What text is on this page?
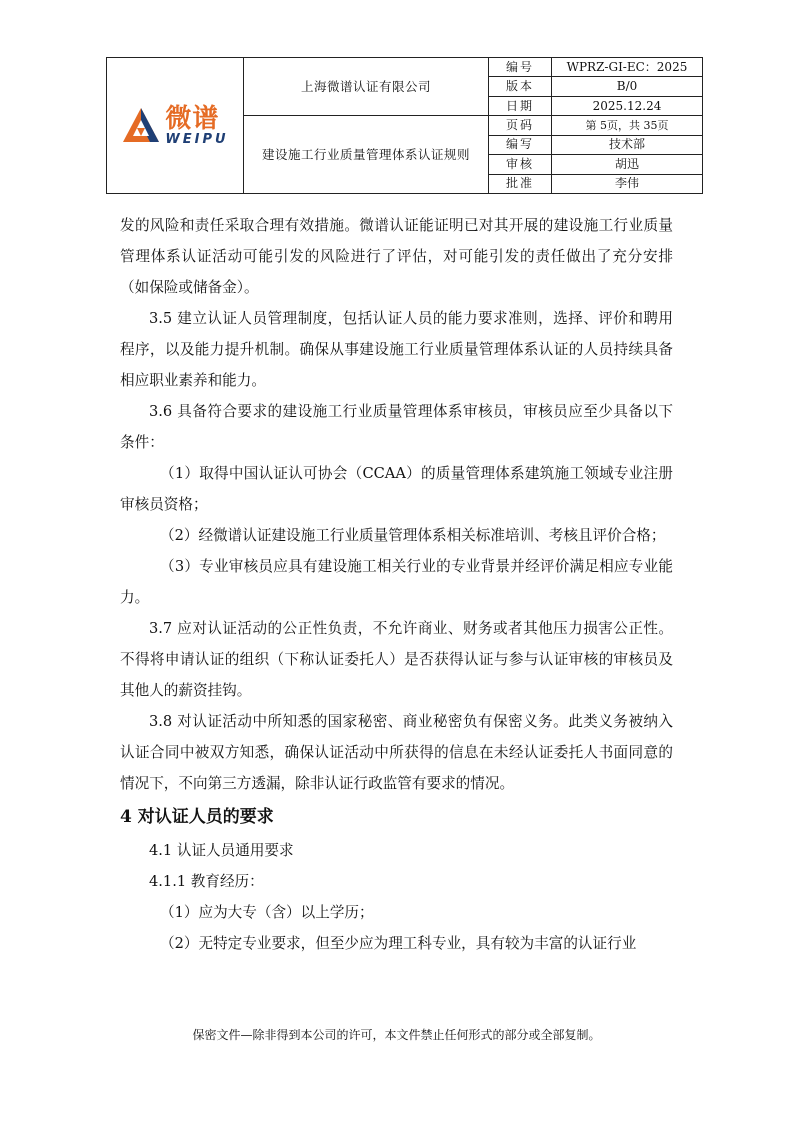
微谱
WEIPU	上海微谱认证有限公司	编号	WPRZ-GI-EC：2025
		版本	B/0
		日期	2025.12.24
	建设施工行业质量管理体系认证规则	页码	第 5页，共 35页
		编写	技术部
		审核	胡迅
		批准	李伟

发的风险和责任采取合理有效措施。微谱认证能证明已对其开展的建设施工行业质量管理体系认证活动可能引发的风险进行了评估，对可能引发的责任做出了充分安排（如保险或储备金）。

3.5 建立认证人员管理制度，包括认证人员的能力要求准则，选择、评价和聘用程序，以及能力提升机制。确保从事建设施工行业质量管理体系认证的人员持续具备相应职业素养和能力。

3.6 具备符合要求的建设施工行业质量管理体系审核员，审核员应至少具备以下条件：

（1）取得中国认证认可协会（CCAA）的质量管理体系建筑施工领域专业注册审核员资格；

（2）经微谱认证建设施工行业质量管理体系相关标准培训、考核且评价合格；

（3）专业审核员应具有建设施工相关行业的专业背景并经评价满足相应专业能力。

3.7 应对认证活动的公正性负责，不允许商业、财务或者其他压力损害公正性。不得将申请认证的组织（下称认证委托人）是否获得认证与参与认证审核的审核员及其他人的薪资挂钩。

3.8 对认证活动中所知悉的国家秘密、商业秘密负有保密义务。此类义务被纳入认证合同中被双方知悉，确保认证活动中所获得的信息在未经认证委托人书面同意的情况下，不向第三方透漏，除非认证行政监管有要求的情况。

4 对认证人员的要求

4.1 认证人员通用要求

4.1.1 教育经历：

（1）应为大专（含）以上学历；

（2）无特定专业要求，但至少应为理工科专业，具有较为丰富的认证行业

保密文件—除非得到本公司的许可，本文件禁止任何形式的部分或全部复制。
